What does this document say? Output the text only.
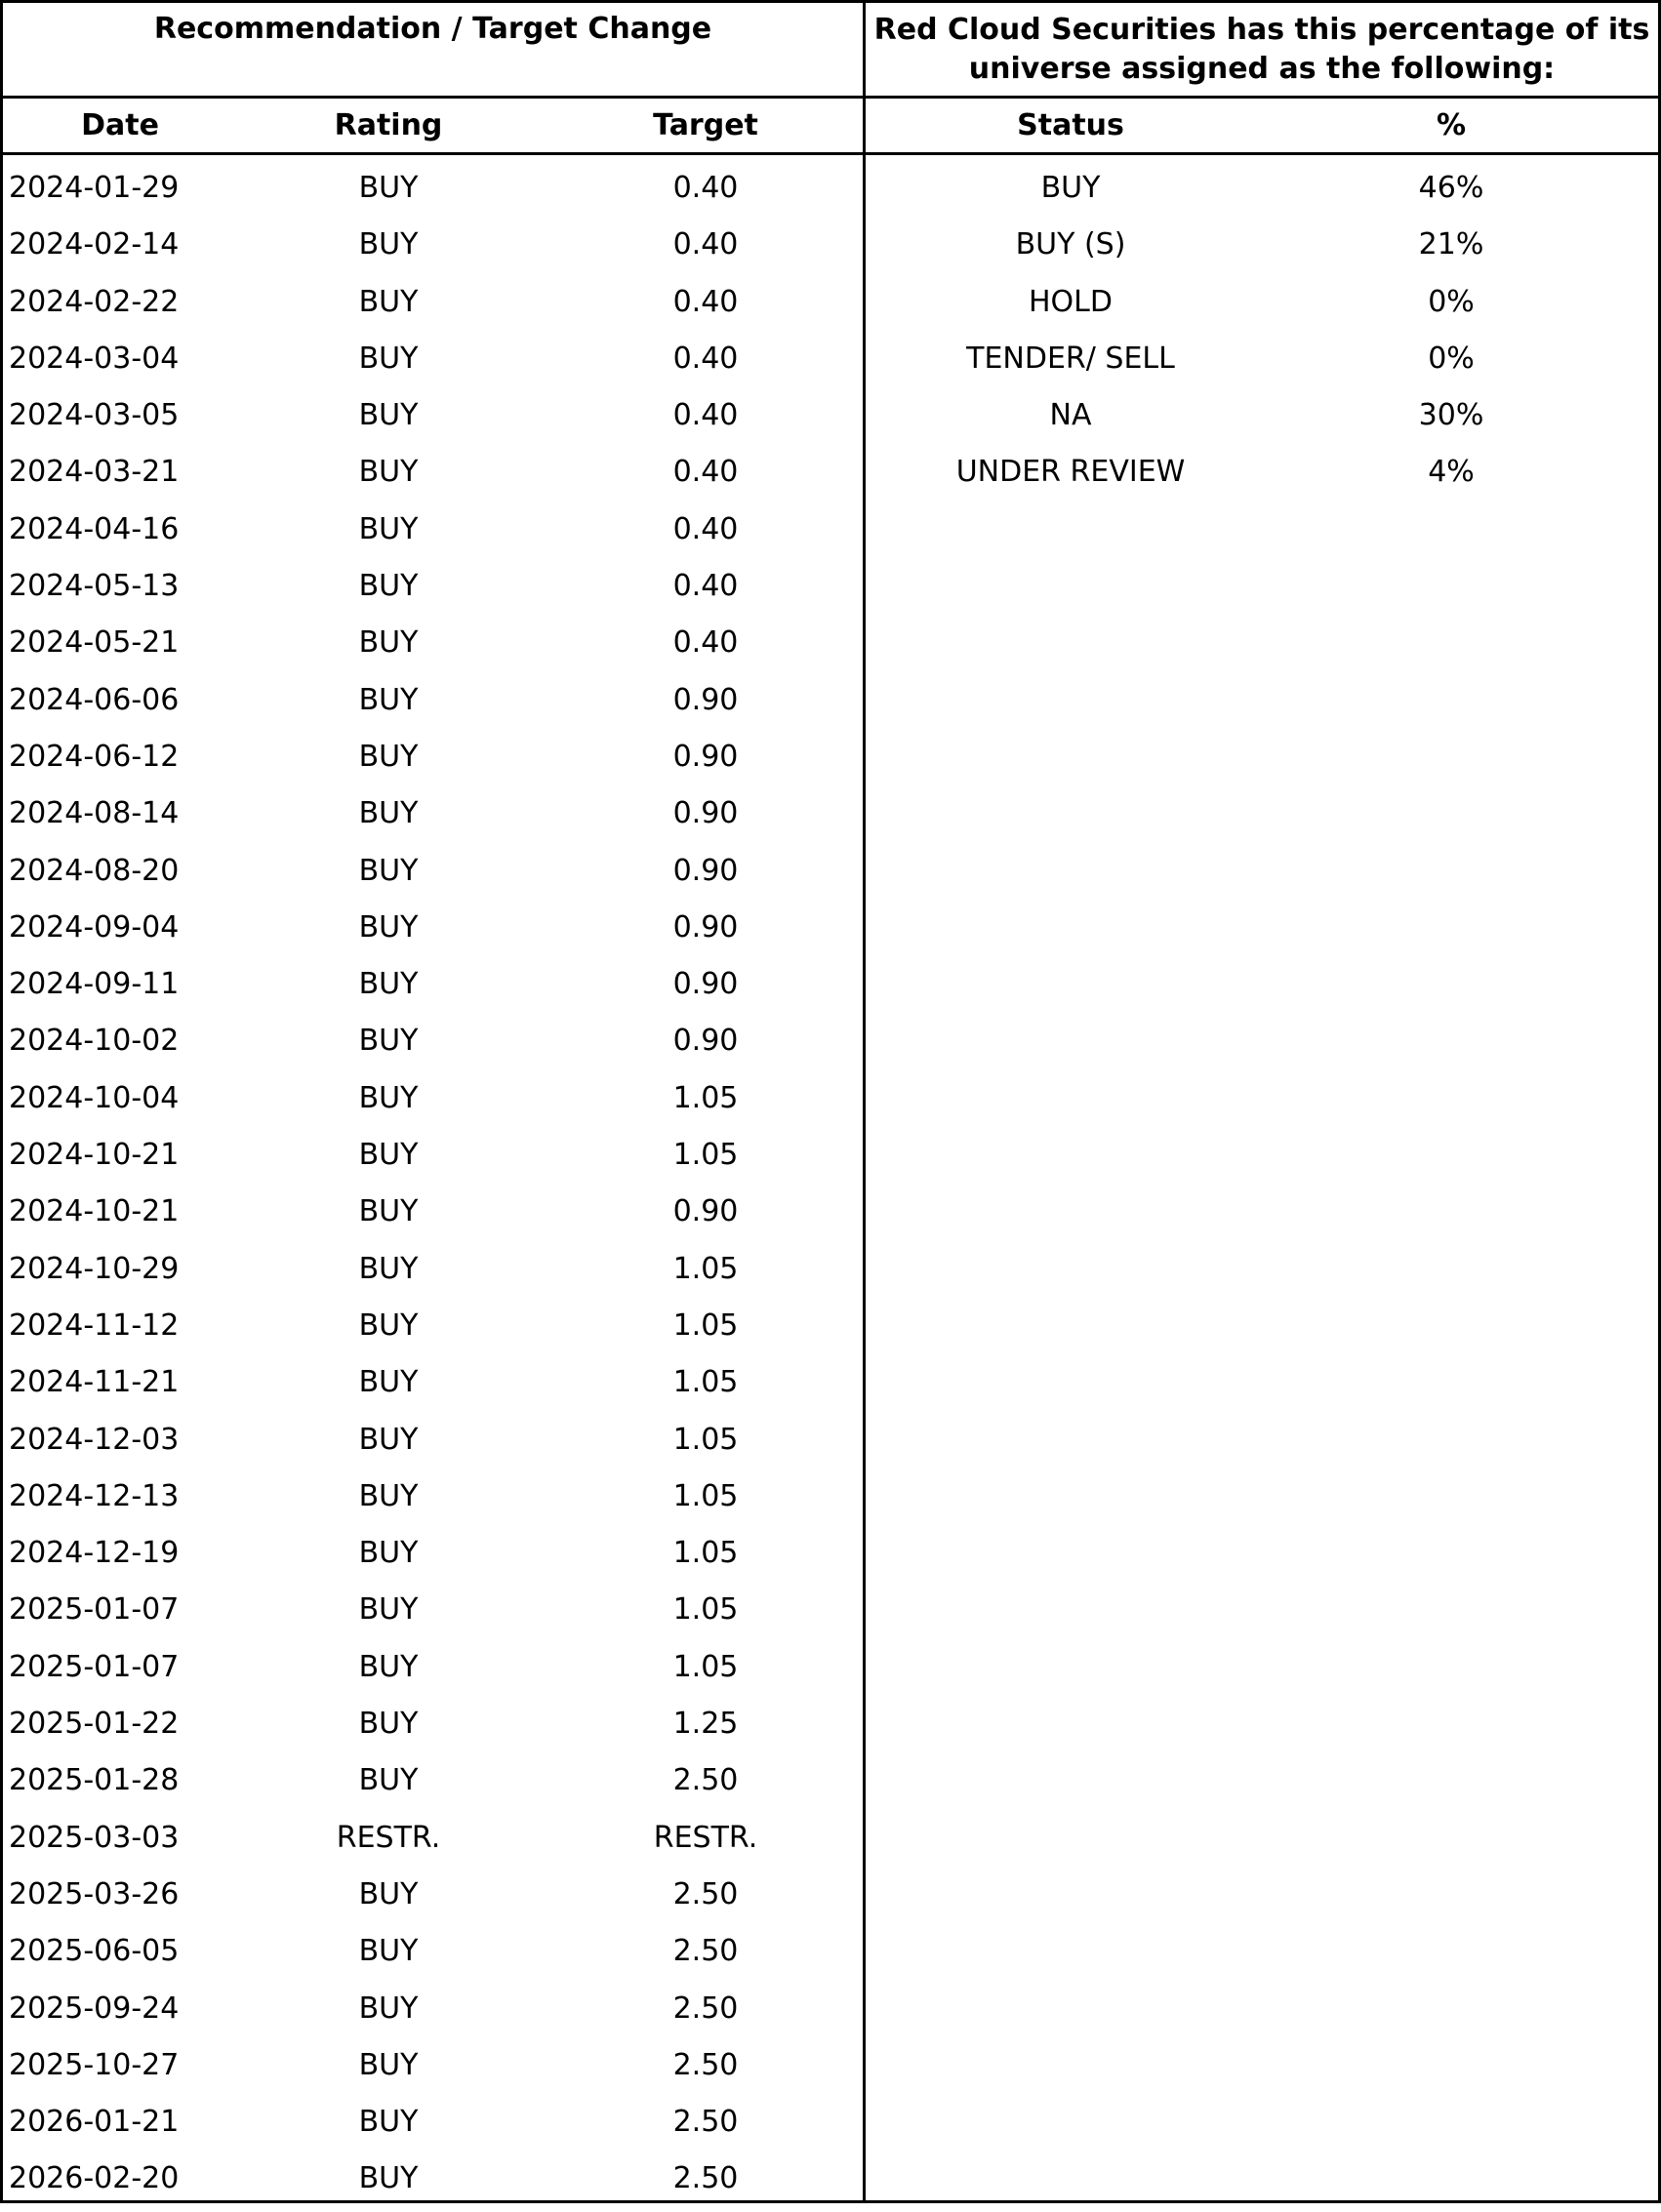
Recommendation / Target Change
Date	Rating	Target
2024-01-29	BUY	0.40
2024-02-14	BUY	0.40
2024-02-22	BUY	0.40
2024-03-04	BUY	0.40
2024-03-05	BUY	0.40
2024-03-21	BUY	0.40
2024-04-16	BUY	0.40
2024-05-13	BUY	0.40
2024-05-21	BUY	0.40
2024-06-06	BUY	0.90
2024-06-12	BUY	0.90
2024-08-14	BUY	0.90
2024-08-20	BUY	0.90
2024-09-04	BUY	0.90
2024-09-11	BUY	0.90
2024-10-02	BUY	0.90
2024-10-04	BUY	1.05
2024-10-21	BUY	1.05
2024-10-21	BUY	0.90
2024-10-29	BUY	1.05
2024-11-12	BUY	1.05
2024-11-21	BUY	1.05
2024-12-03	BUY	1.05
2024-12-13	BUY	1.05
2024-12-19	BUY	1.05
2025-01-07	BUY	1.05
2025-01-07	BUY	1.05
2025-01-22	BUY	1.25
2025-01-28	BUY	2.50
2025-03-03	RESTR.	RESTR.
2025-03-26	BUY	2.50
2025-06-05	BUY	2.50
2025-09-24	BUY	2.50
2025-10-27	BUY	2.50
2026-01-21	BUY	2.50
2026-02-20	BUY	2.50
Red Cloud Securities has this percentage of its
universe assigned as the following:
Status	%
BUY	46%
BUY (S)	21%
HOLD	0%
TENDER/ SELL	0%
NA	30%
UNDER REVIEW	4%
